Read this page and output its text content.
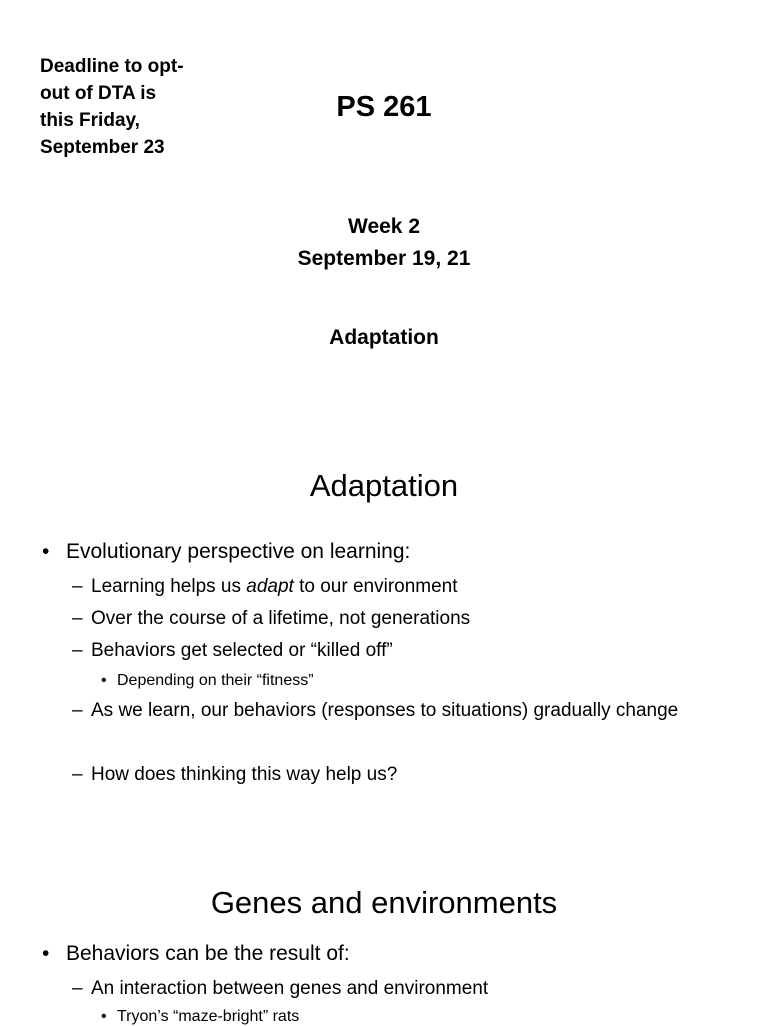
Deadline to opt-
out of DTA is
this Friday,
September 23
PS 261
Week 2
September 19, 21
Adaptation
Adaptation
• Evolutionary perspective on learning:
– Learning helps us adapt to our environment
– Over the course of a lifetime, not generations
– Behaviors get selected or “killed off”
• Depending on their “fitness”
– As we learn, our behaviors (responses to situations) gradually change
– How does thinking this way help us?
Genes and environments
• Behaviors can be the result of:
– An interaction between genes and environment
• Tryon’s “maze-bright” rats
